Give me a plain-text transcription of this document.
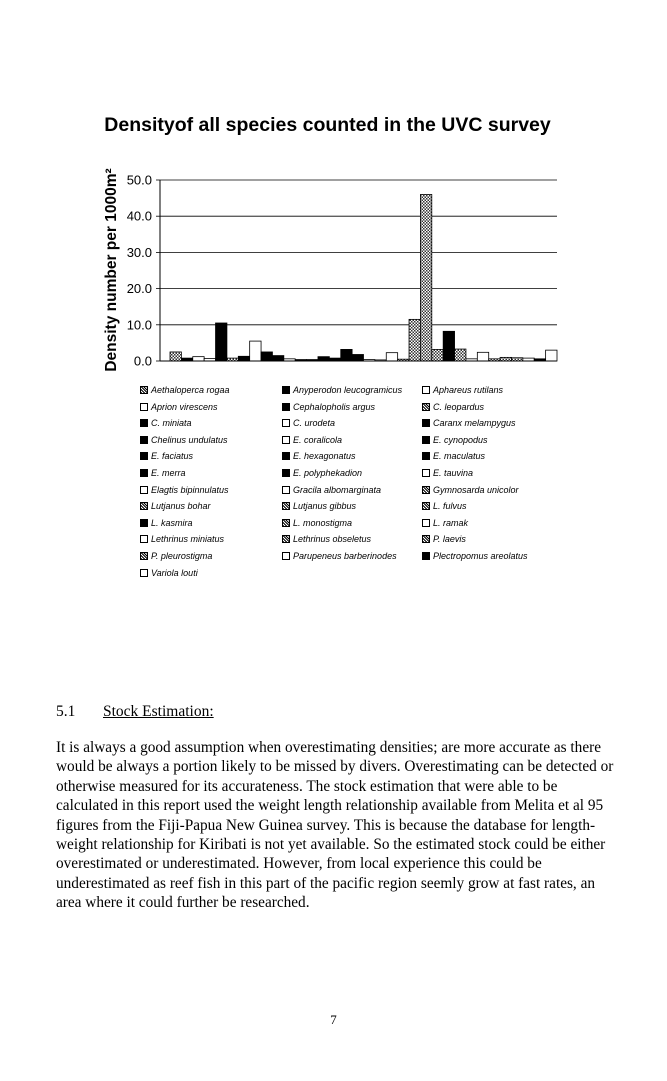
Densityof all species counted in the UVC survey
Density number per 1000m² 0.0
10.0
20.0
30.0
40.0
50.0
Aethaloperca rogaa	Anyperodon leucogramicus	Aphareus rutilans
Aprion virescens	Cephalopholis argus	C. leopardus
C. miniata	C. urodeta	Caranx melampygus
Chelinus undulatus	E. coralicola	E. cynopodus
E. faciatus	E. hexagonatus	E. maculatus
E. merra	E. polyphekadion	E. tauvina
Elagtis bipinnulatus	Gracila albomarginata	Gymnosarda unicolor
Lutjanus bohar	Lutjanus gibbus	L. fulvus
L. kasmira	L. monostigma	L. ramak
Lethrinus miniatus	Lethrinus obseletus	P. laevis
P. pleurostigma	Parupeneus barberinodes	Plectropomus areolatus
Variola louti
5.1 Stock Estimation:
It is always a good assumption when overestimating densities; are more accurate as there would be always a portion likely to be missed by divers. Overestimating can be detected or otherwise measured for its accurateness. The stock estimation that were able to be calculated in this report used the weight length relationship available from Melita et al 95 figures from the Fiji-Papua New Guinea survey. This is because the database for length-weight relationship for Kiribati is not yet available. So the estimated stock could be either overestimated or underestimated. However, from local experience this could be underestimated as reef fish in this part of the pacific region seemly grow at fast rates, an area where it could further be researched.
7
